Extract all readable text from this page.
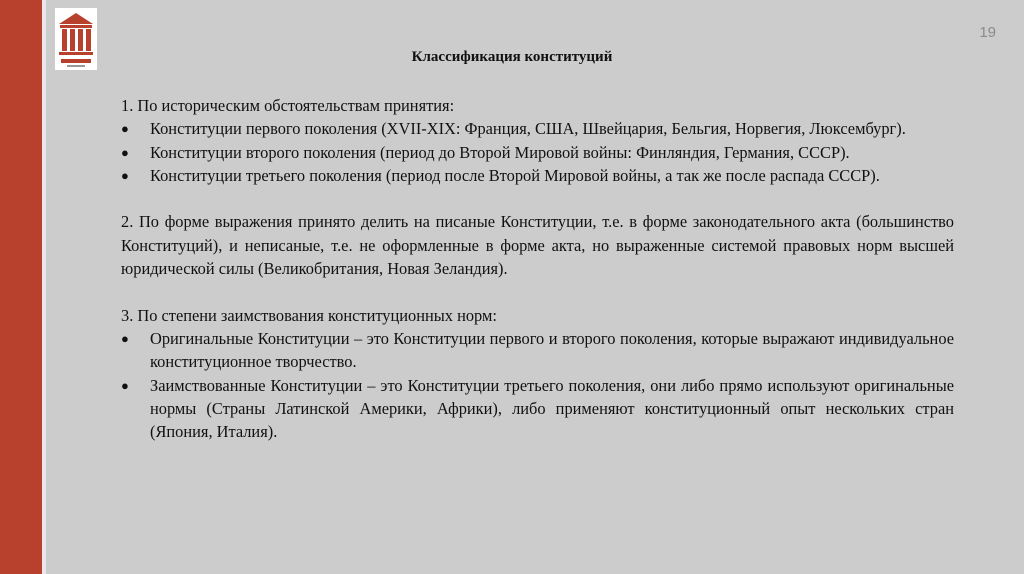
19
Классификация конституций

1. По историческим обстоятельствам принятия:

●	Конституции первого поколения (XVII-XIX: Франция, США, Швейцария, Бельгия, Норвегия, Люксембург).
●	Конституции второго поколения (период до Второй Мировой войны: Финляндия, Германия, СССР).
●	Конституции третьего поколения (период после Второй Мировой войны, а так же после распада СССР).

2. По форме выражения принято делить на писаные Конституции, т.е. в форме законодательного акта (большинство Конституций), и неписаные, т.е. не оформленные в форме акта, но выраженные системой правовых норм высшей юридической силы (Великобритания, Новая Зеландия).

3. По степени заимствования конституционных норм:

●	Оригинальные Конституции – это Конституции первого и второго поколения, которые выражают индивидуальное конституционное творчество.
●	Заимствованные Конституции – это Конституции третьего поколения, они либо прямо используют оригинальные нормы (Страны Латинской Америки, Африки), либо применяют конституционный опыт нескольких стран (Япония, Италия).
